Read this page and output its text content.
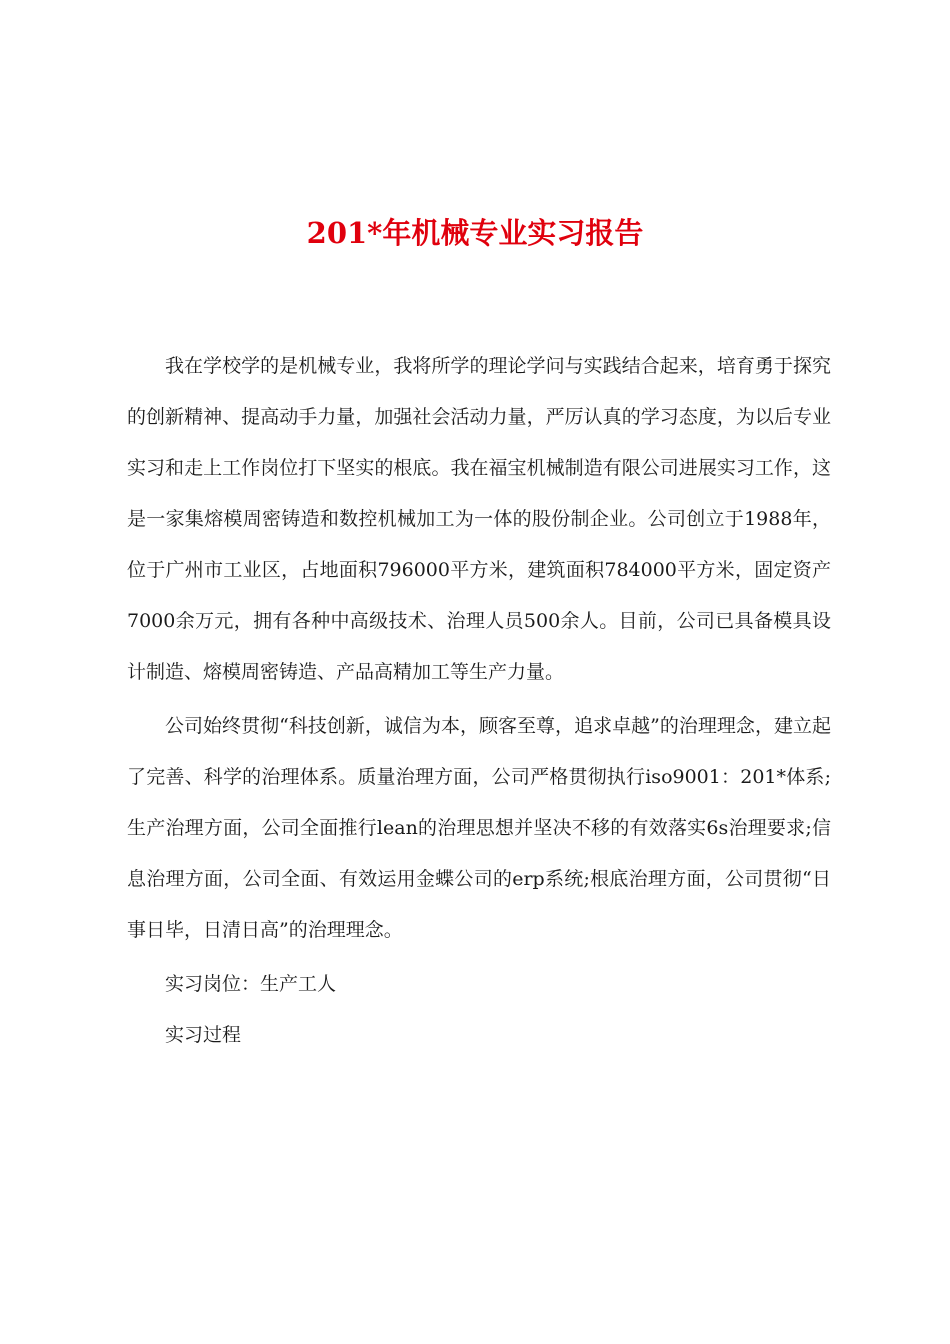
201*年机械专业实习报告

我在学校学的是机械专业，我将所学的理论学问与实践结合起来，培育勇于探究的创新精神、提高动手力量，加强社会活动力量，严厉认真的学习态度，为以后专业实习和走上工作岗位打下坚实的根底。我在福宝机械制造有限公司进展实习工作，这是一家集熔模周密铸造和数控机械加工为一体的股份制企业。公司创立于1988年，位于广州市工业区，占地面积796000平方米，建筑面积784000平方米，固定资产7000余万元，拥有各种中高级技术、治理人员500余人。目前，公司已具备模具设计制造、熔模周密铸造、产品高精加工等生产力量。

公司始终贯彻“科技创新，诚信为本，顾客至尊，追求卓越”的治理理念，建立起了完善、科学的治理体系。质量治理方面，公司严格贯彻执行iso9001：201*体系;生产治理方面，公司全面推行lean的治理思想并坚决不移的有效落实6s治理要求;信息治理方面，公司全面、有效运用金蝶公司的erp系统;根底治理方面，公司贯彻“日事日毕，日清日高”的治理理念。

实习岗位：生产工人

实习过程
